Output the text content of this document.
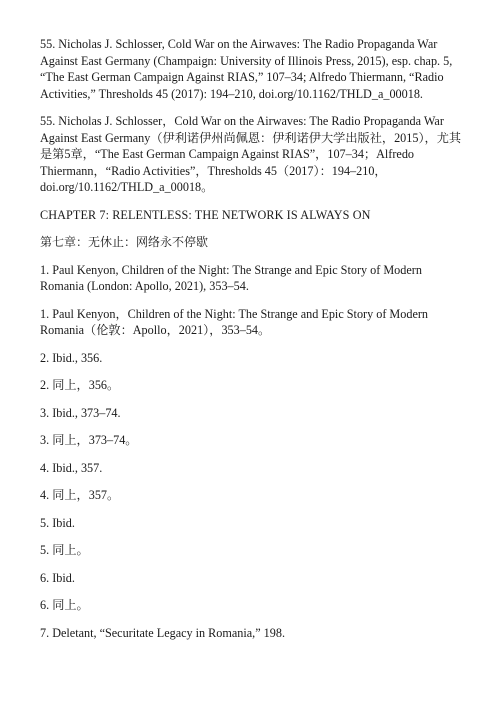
55. Nicholas J. Schlosser, Cold War on the Airwaves: The Radio Propaganda War Against East Germany (Champaign: University of Illinois Press, 2015), esp. chap. 5, “The East German Campaign Against RIAS,” 107–34; Alfredo Thiermann, “Radio Activities,” Thresholds 45 (2017): 194–210, doi.org/10.1162/THLD_a_00018.
55. Nicholas J. Schlosser，Cold War on the Airwaves: The Radio Propaganda War Against East Germany（伊利诺伊州尚佩恩：伊利诺伊大学出版社，2015），尤其是第5章，“The East German Campaign Against RIAS”，107–34；Alfredo Thiermann，“Radio Activities”，Thresholds 45（2017）：194–210，doi.org/10.1162/THLD_a_00018。
CHAPTER 7: RELENTLESS: THE NETWORK IS ALWAYS ON
第七章：无休止：网络永不停歇
1. Paul Kenyon, Children of the Night: The Strange and Epic Story of Modern Romania (London: Apollo, 2021), 353–54.
1. Paul Kenyon，Children of the Night: The Strange and Epic Story of Modern Romania（伦敦：Apollo，2021），353–54。
2. Ibid., 356.
2. 同上，356。
3. Ibid., 373–74.
3. 同上，373–74。
4. Ibid., 357.
4. 同上，357。
5. Ibid.
5. 同上。
6. Ibid.
6. 同上。
7. Deletant, “Securitate Legacy in Romania,” 198.
